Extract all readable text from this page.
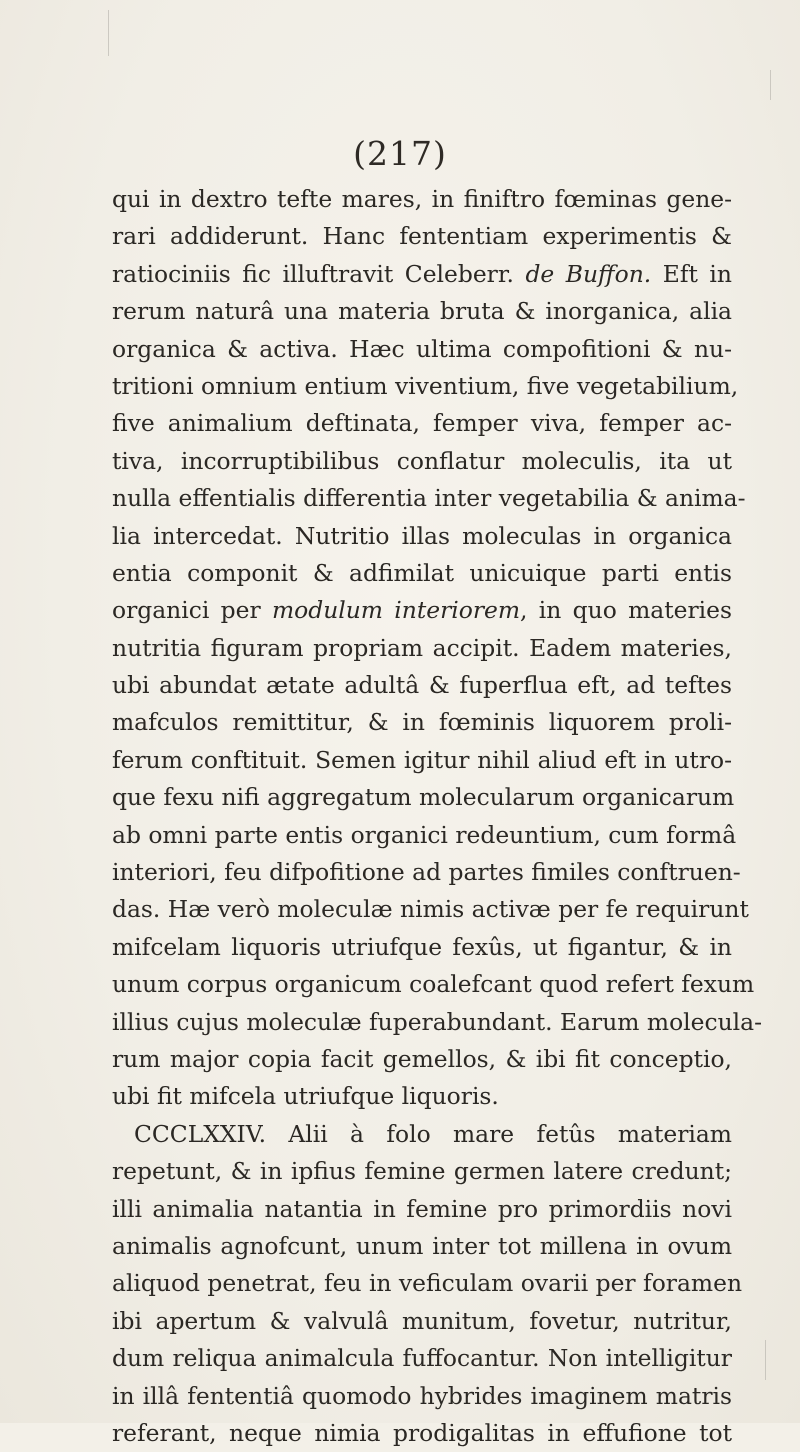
(217)
qui in dextro tefte mares, in finiftro fœminas gene-
rari addiderunt. Hanc fententiam experimentis &
ratiociniis fic illuftravit Celeberr. de Buffon. Eft in
rerum naturâ una materia bruta & inorganica, alia
organica & activa. Hæc ultima compofitioni & nu-
tritioni omnium entium viventium, five vegetabilium,
five animalium deftinata, femper viva, femper ac-
tiva, incorruptibilibus conflatur moleculis, ita ut
nulla effentialis differentia inter vegetabilia & anima-
lia intercedat. Nutritio illas moleculas in organica
entia componit & adfimilat unicuique parti entis
organici per modulum interiorem, in quo materies
nutritia figuram propriam accipit. Eadem materies,
ubi abundat ætate adultâ & fuperflua eft, ad teftes
mafculos remittitur, & in fœminis liquorem proli-
ferum conftituit. Semen igitur nihil aliud eft in utro-
que fexu nifi aggregatum molecularum organicarum
ab omni parte entis organici redeuntium, cum formâ
interiori, feu difpofitione ad partes fimiles conftruen-
das. Hæ verò moleculæ nimis activæ per fe requirunt
mifcelam liquoris utriufque fexûs, ut figantur, & in
unum corpus organicum coalefcant quod refert fexum
illius cujus moleculæ fuperabundant. Earum molecula-
rum major copia facit gemellos, & ibi fit conceptio,
ubi fit mifcela utriufque liquoris.
CCCLXXIV. Alii à folo mare fetûs materiam
repetunt, & in ipfius femine germen latere credunt;
illi animalia natantia in femine pro primordiis novi
animalis agnofcunt, unum inter tot millena in ovum
aliquod penetrat, feu in veficulam ovarii per foramen
ibi apertum & valvulâ munitum, fovetur, nutritur,
dum reliqua animalcula fuffocantur. Non intelligitur
in illâ fententiâ quomodo hybrides imaginem matris
referant, neque nimia prodigalitas in effufione tot
